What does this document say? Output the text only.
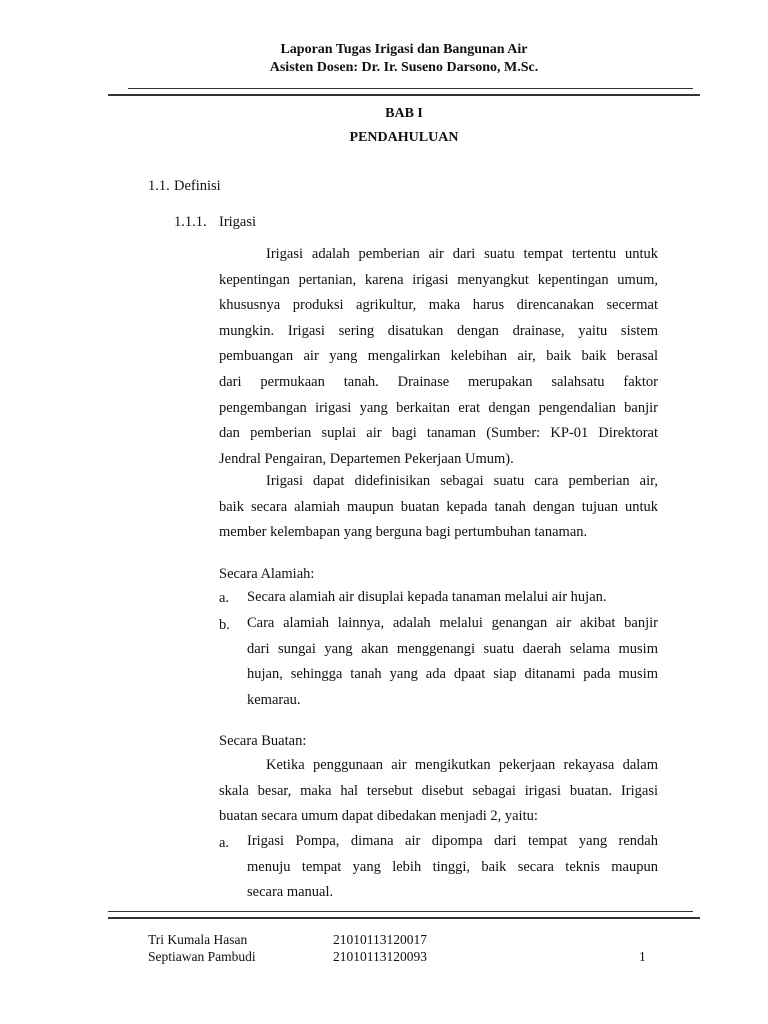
Laporan Tugas Irigasi dan Bangunan Air
Asisten Dosen: Dr. Ir. Suseno Darsono, M.Sc.
BAB I
PENDAHULUAN
1.1. Definisi
1.1.1. Irigasi
Irigasi adalah pemberian air dari suatu tempat tertentu untuk
kepentingan pertanian, karena irigasi menyangkut kepentingan umum,
khususnya produksi agrikultur, maka harus direncanakan secermat
mungkin. Irigasi sering disatukan dengan drainase, yaitu sistem
pembuangan air yang mengalirkan kelebihan air, baik baik berasal
dari permukaan tanah. Drainase merupakan salahsatu faktor
pengembangan irigasi yang berkaitan erat dengan pengendalian banjir
dan pemberian suplai air bagi tanaman (Sumber: KP-01 Direktorat
Jendral Pengairan, Departemen Pekerjaan Umum).
Irigasi dapat didefinisikan sebagai suatu cara pemberian air,
baik secara alamiah maupun buatan kepada tanah dengan tujuan untuk
member kelembapan yang berguna bagi pertumbuhan tanaman.
Secara Alamiah:
a. Secara alamiah air disuplai kepada tanaman melalui air hujan.
b. Cara alamiah lainnya, adalah melalui genangan air akibat banjir
dari sungai yang akan menggenangi suatu daerah selama musim
hujan, sehingga tanah yang ada dpaat siap ditanami pada musim
kemarau.
Secara Buatan:
Ketika penggunaan air mengikutkan pekerjaan rekayasa dalam
skala besar, maka hal tersebut disebut sebagai irigasi buatan. Irigasi
buatan secara umum dapat dibedakan menjadi 2, yaitu:
a. Irigasi Pompa, dimana air dipompa dari tempat yang rendah
menuju tempat yang lebih tinggi, baik secara teknis maupun
secara manual.
Tri Kumala Hasan	21010113120017
Septiawan Pambudi	21010113120093	1
